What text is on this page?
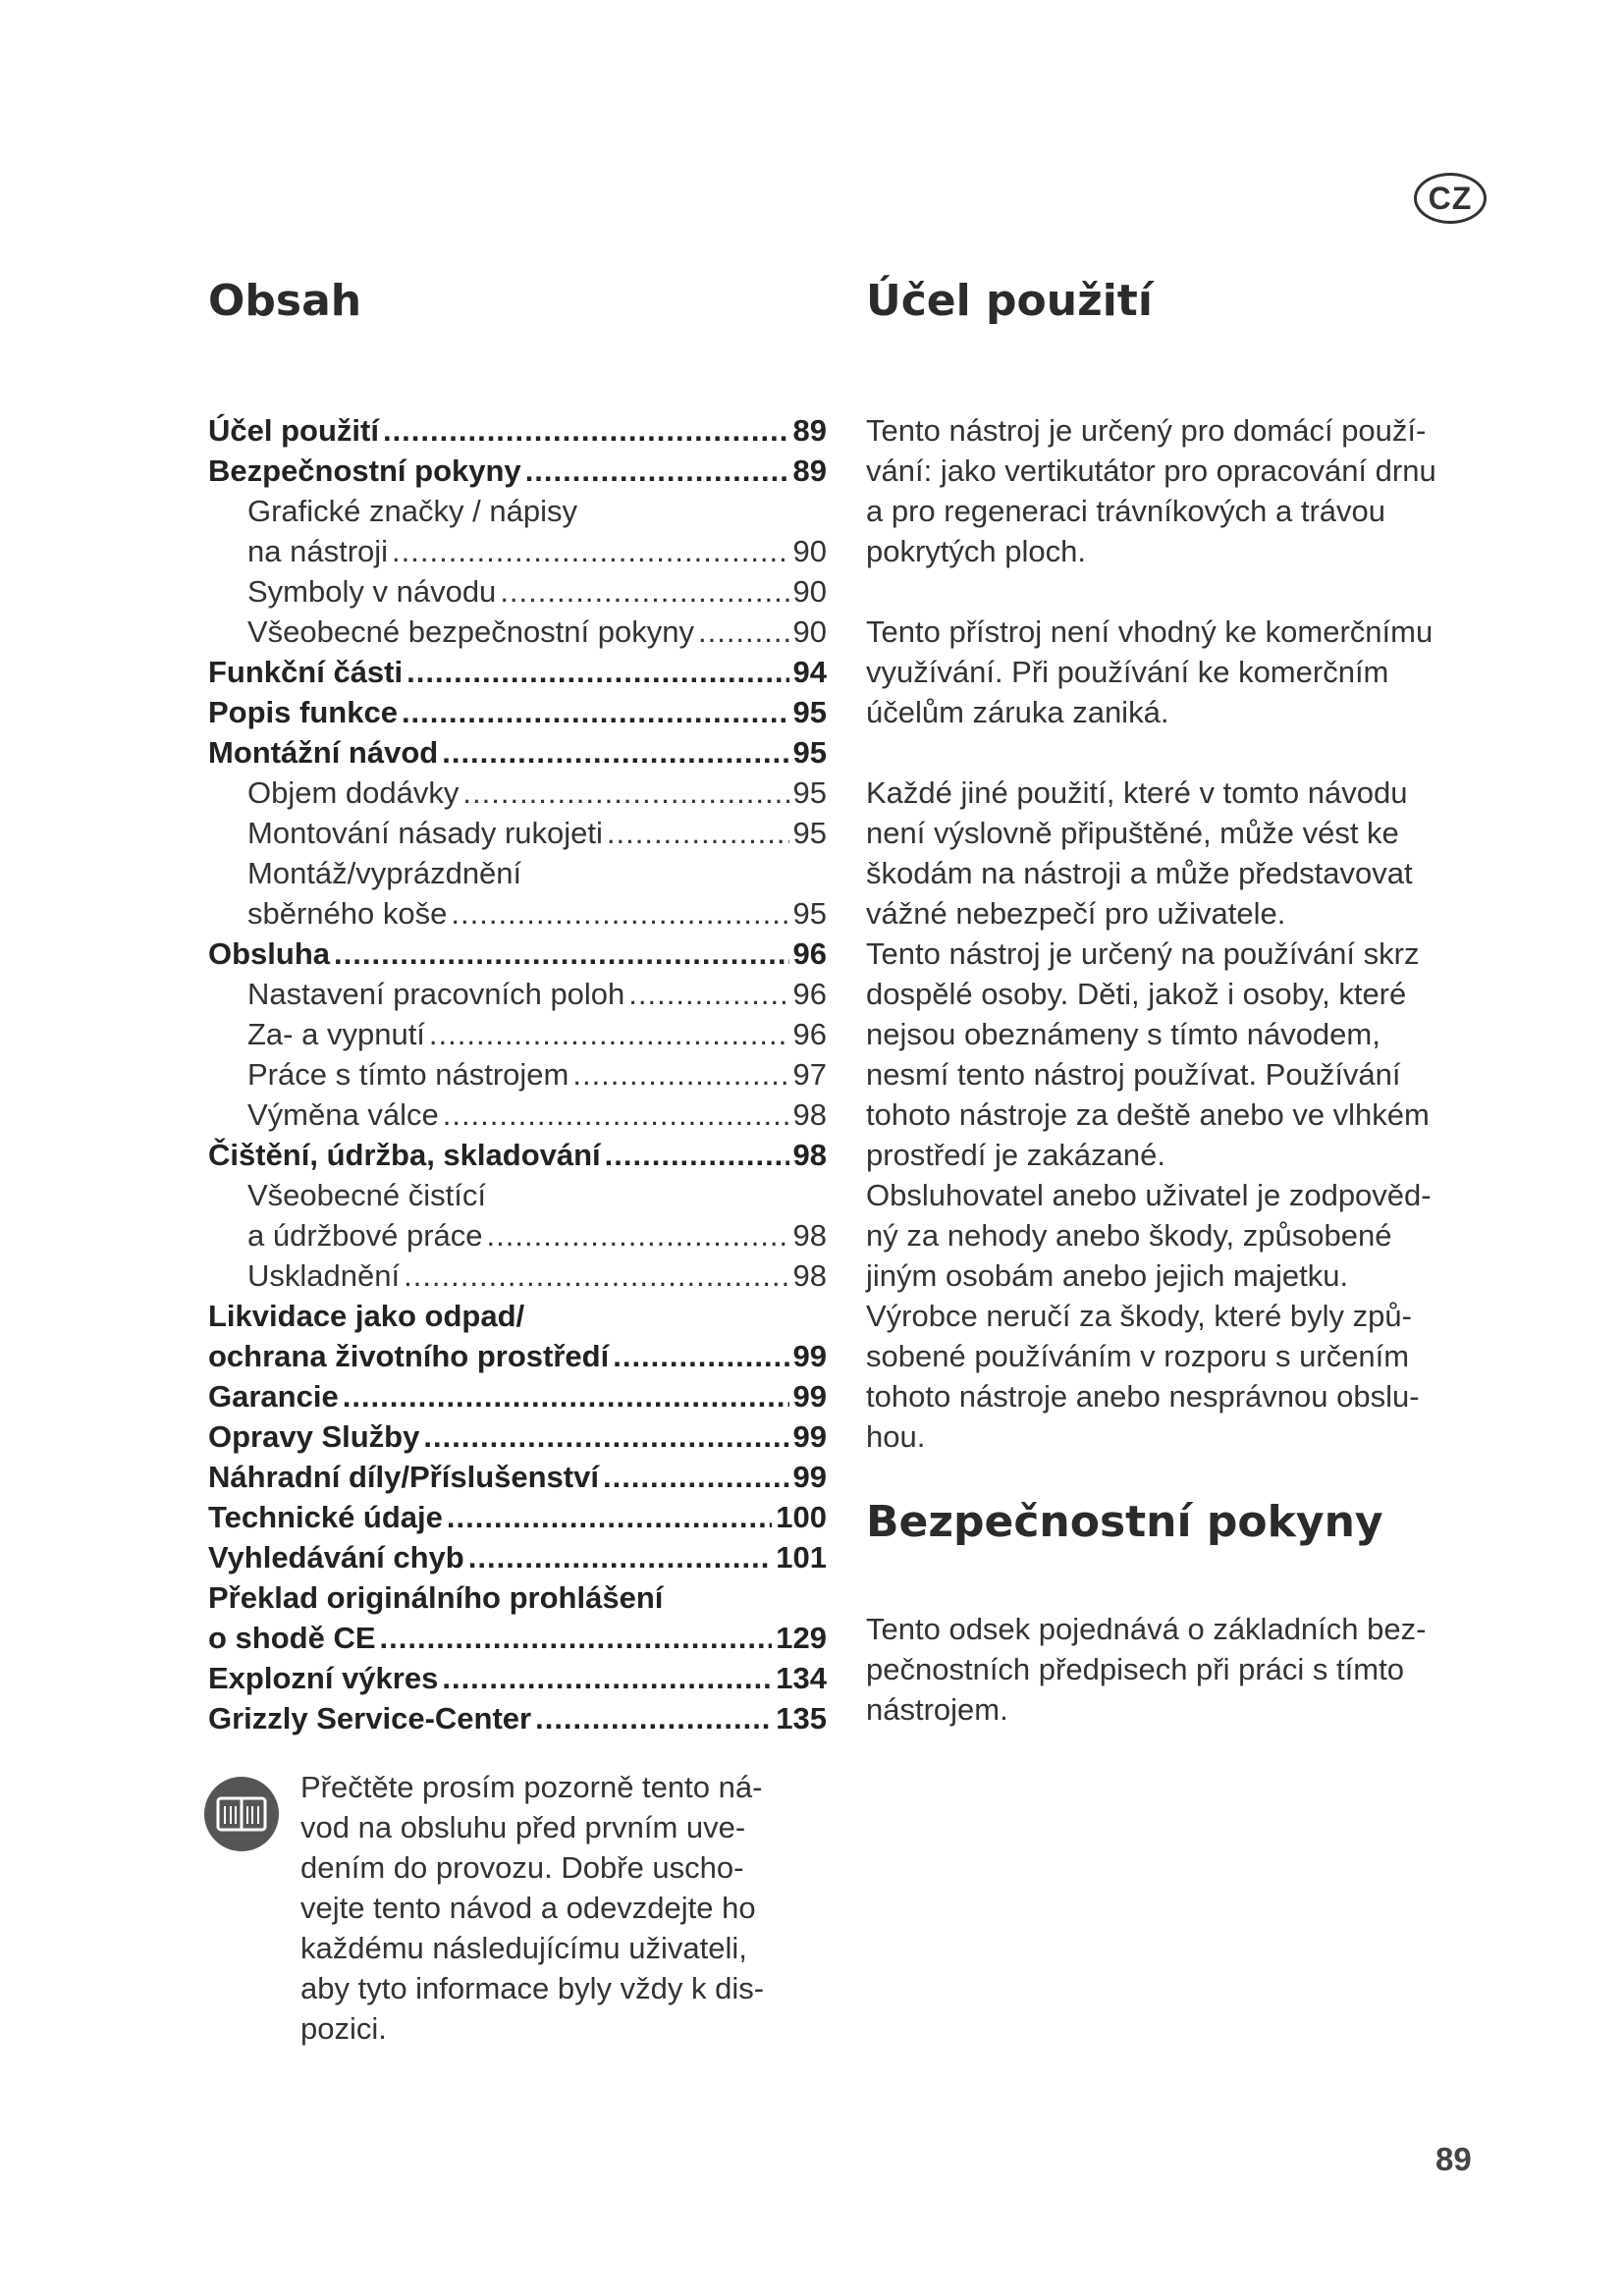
CZ
Obsah
Účel použití .....	89
Bezpečnostní pokyny .....	89
Grafické značky / nápisy
na nástroji .....	90
Symboly v návodu .....	90
Všeobecné bezpečnostní pokyny .....	90
Funkční části .....	94
Popis funkce .....	95
Montážní návod .....	95
Objem dodávky .....	95
Montování násady rukojeti .....	95
Montáž/vyprázdnění
sběrného koše .....	95
Obsluha .....	96
Nastavení pracovních poloh .....	96
Za- a vypnutí .....	96
Práce s tímto nástrojem .....	97
Výměna válce .....	98
Čištění, údržba, skladování .....	98
Všeobecné čistící
a údržbové práce .....	98
Uskladnění .....	98
Likvidace jako odpad/
ochrana životního prostředí .....	99
Garancie .....	99
Opravy Služby .....	99
Náhradní díly/Příslušenství .....	99
Technické údaje .....	100
Vyhledávání chyb .....	101
Překlad originálního prohlášení
o shodě CE .....	129
Explozní výkres .....	134
Grizzly Service-Center .....	135
Přečtěte prosím pozorně tento ná-
vod na obsluhu před prvním uve-
dením do provozu. Dobře uscho-
vejte tento návod a odevzdejte ho
každému následujícímu uživateli,
aby tyto informace byly vždy k dis-
pozici.
Účel použití

Tento nástroj je určený pro domácí použí-
vání: jako vertikutátor pro opracování drnu
a pro regeneraci trávníkových a trávou
pokrytých ploch.

Tento přístroj není vhodný ke komerčnímu
využívání. Při používání ke komerčním
účelům záruka zaniká.

Každé jiné použití, které v tomto návodu
není výslovně připuštěné, může vést ke
škodám na nástroji a může představovat
vážné nebezpečí pro uživatele.

Tento nástroj je určený na používání skrz
dospělé osoby. Děti, jakož i osoby, které
nejsou obeznámeny s tímto návodem,
nesmí tento nástroj používat. Používání
tohoto nástroje za deště anebo ve vlhkém
prostředí je zakázané.

Obsluhovatel anebo uživatel je zodpověd-
ný za nehody anebo škody, způsobené
jiným osobám anebo jejich majetku.

Výrobce neručí za škody, které byly způ-
sobené používáním v rozporu s určením
tohoto nástroje anebo nesprávnou obslu-
hou.

Bezpečnostní pokyny

Tento odsek pojednává o základních bez-
pečnostních předpisech při práci s tímto
nástrojem.

89
